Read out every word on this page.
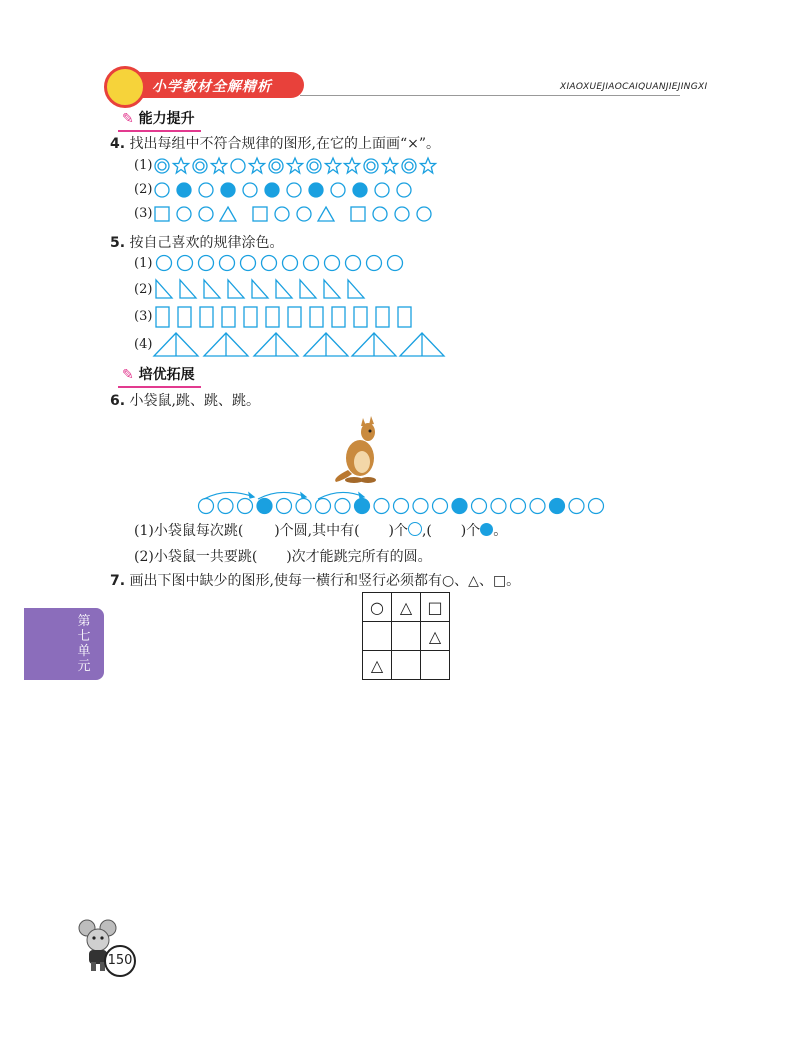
小学教材全解精析	XIAOXUEJIAOCAIQUANJIEJINGXI
✎ 能力提升
4. 找出每组中不符合规律的图形,在它的上面画“×”。
(1)
(2)
(3)
5. 按自己喜欢的规律涂色。
(1)
(2)
(3)
(4)
✎ 培优拓展
6. 小袋鼠,跳、跳、跳。
(1)小袋鼠每次跳( )个圆,其中有( )个 ,( )个 。
(2)小袋鼠一共要跳( )次才能跳完所有的圆。
7. 画出下图中缺少的图形,使每一横行和竖行必须都有○、△、□。
○	△	□
		△
△		
第
七
单
元
150
